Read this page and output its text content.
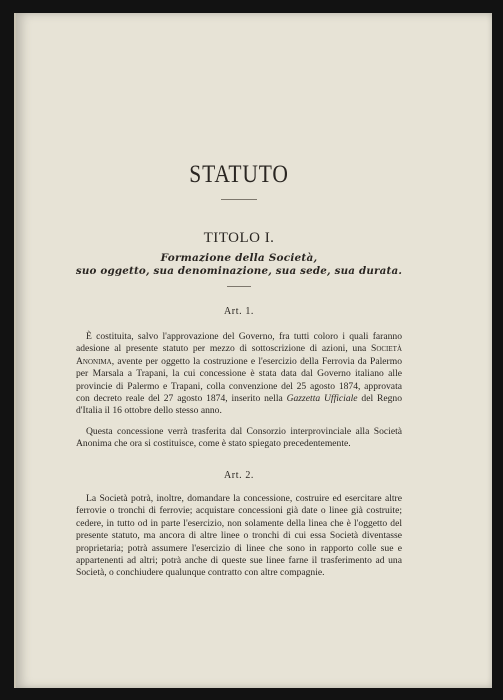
STATUTO
TITOLO I.
Formazione della Società,
suo oggetto, sua denominazione, sua sede, sua durata.
Art. 1.

È costituita, salvo l'approvazione del Governo, fra tutti coloro i quali faranno adesione al presente statuto per mezzo di sottoscrizione di azioni, una Società Anonima, avente per oggetto la costruzione e l'esercizio della Ferrovia da Palermo per Marsala a Trapani, la cui concessione è stata data dal Governo italiano alle provincie di Palermo e Trapani, colla convenzione del 25 agosto 1874, approvata con decreto reale del 27 agosto 1874, inserito nella Gazzetta Ufficiale del Regno d'Italia il 16 ottobre dello stesso anno.

Questa concessione verrà trasferita dal Consorzio interprovinciale alla Società Anonima che ora si costituisce, come è stato spiegato precedentemente.

Art. 2.

La Società potrà, inoltre, domandare la concessione, costruire ed esercitare altre ferrovie o tronchi di ferrovie; acquistare concessioni già date o linee già costruite; cedere, in tutto od in parte l'esercizio, non solamente della linea che è l'oggetto del presente statuto, ma ancora di altre linee o tronchi di cui essa Società diventasse proprietaria; potrà assumere l'esercizio di linee che sono in rapporto colle sue e appartenenti ad altri; potrà anche di queste sue linee farne il trasferimento ad una Società, o conchiudere qualunque contratto con altre compagnie.
